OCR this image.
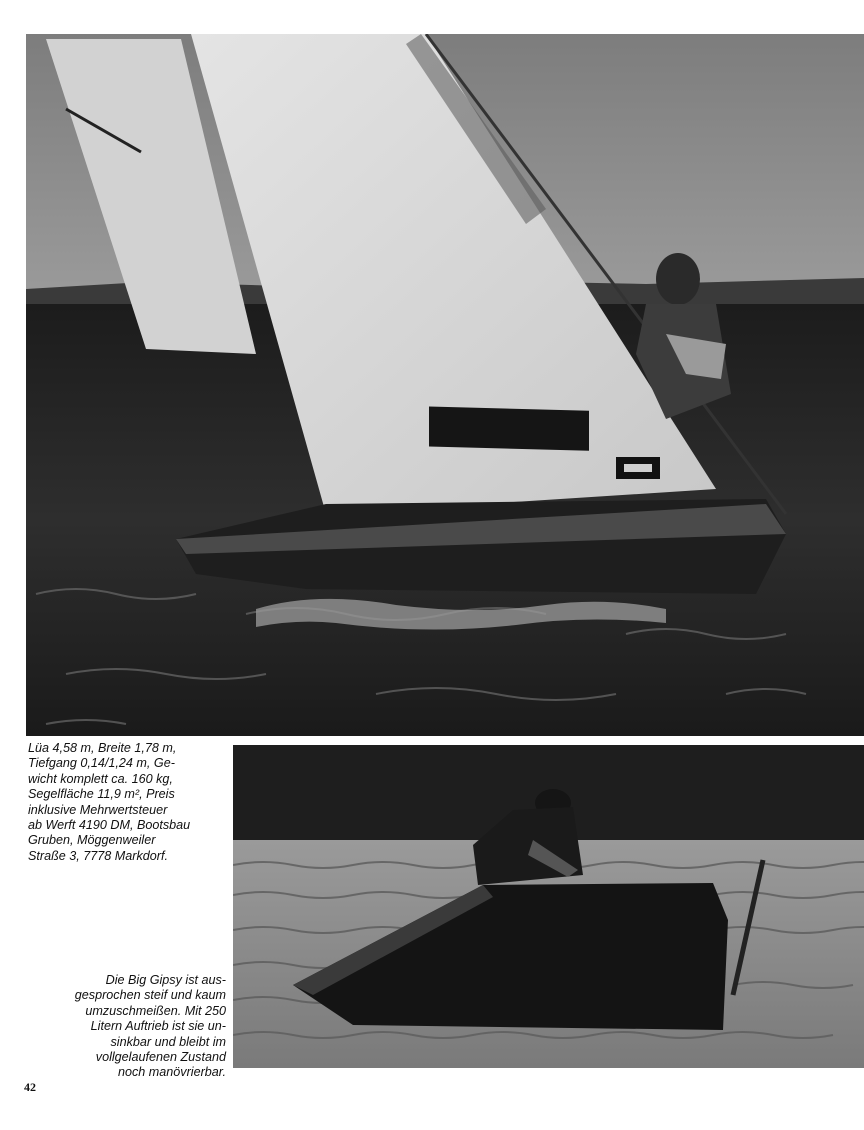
Lüa 4,58 m, Breite 1,78 m,
Tiefgang 0,14/1,24 m, Ge-
wicht komplett ca. 160 kg,
Segelfläche 11,9 m², Preis
inklusive Mehrwertsteuer
ab Werft 4190 DM, Bootsbau
Gruben, Möggenweiler
Straße 3, 7778 Markdorf.
Die Big Gipsy ist aus-
gesprochen steif und kaum
umzuschmeißen. Mit 250
Litern Auftrieb ist sie un-
sinkbar und bleibt im
vollgelaufenen Zustand
noch manövrierbar.
42
